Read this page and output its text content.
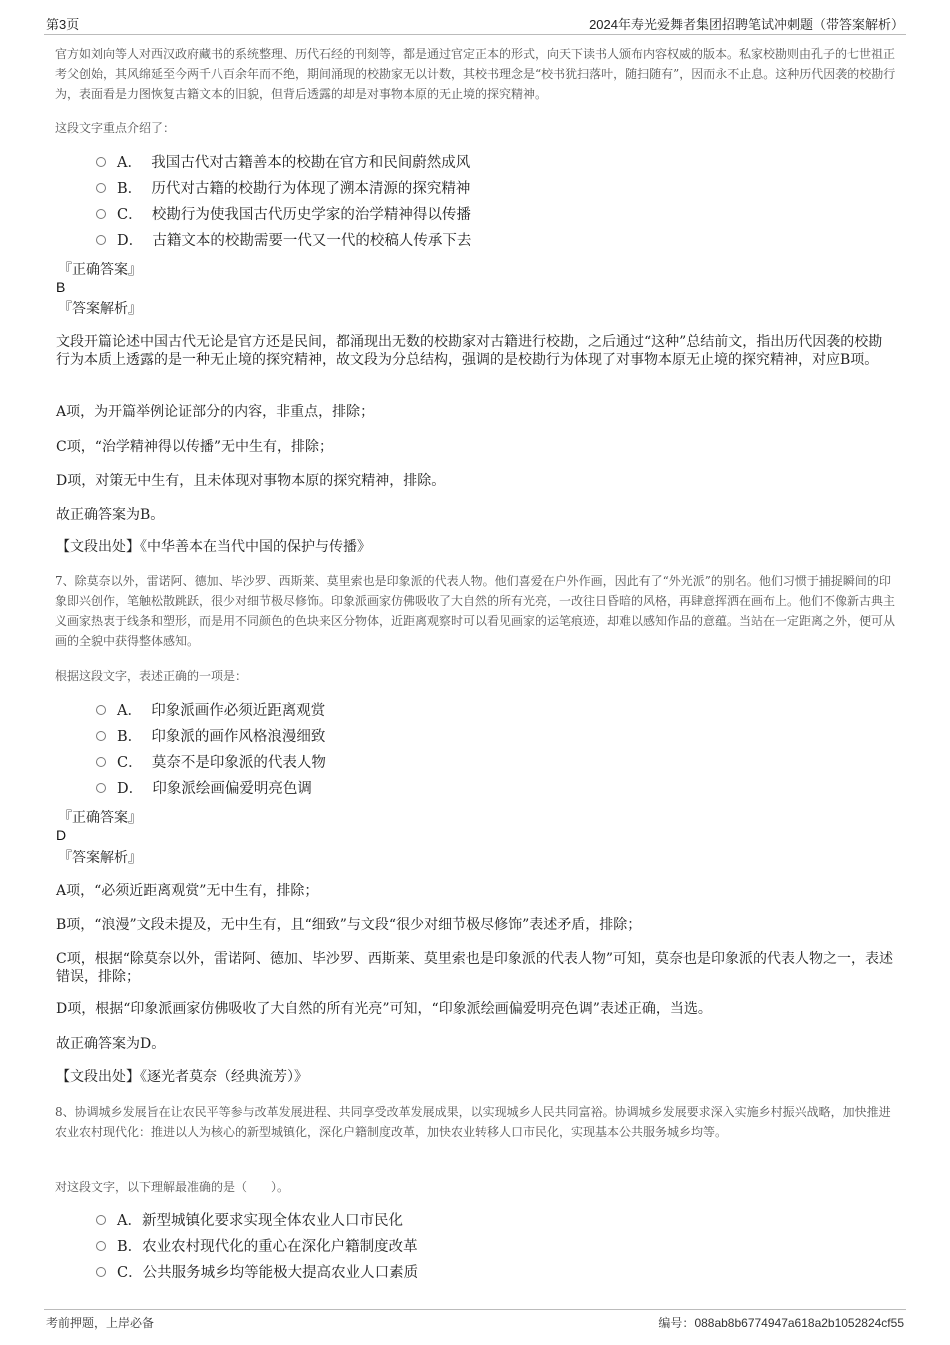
第3页	2024年寿光爱舞者集团招聘笔试冲刺题（带答案解析）
官方如刘向等人对西汉政府藏书的系统整理、历代石经的刊刻等，都是通过官定正本的形式，向天下读书人颁布内容权威的版本。私家校勘则由孔子的七世祖正考父创始，其风绵延至今两千八百余年而不绝，期间涌现的校勘家无以计数，其校书理念是“校书犹扫落叶，随扫随有”，因而永不止息。这种历代因袭的校勘行为，表面看是力图恢复古籍文本的旧貌，但背后透露的却是对事物本原的无止境的探究精神。
这段文字重点介绍了：
A． 我国古代对古籍善本的校勘在官方和民间蔚然成风
B． 历代对古籍的校勘行为体现了溯本清源的探究精神
C． 校勘行为使我国古代历史学家的治学精神得以传播
D． 古籍文本的校勘需要一代又一代的校稿人传承下去
『正确答案』
B
『答案解析』
文段开篇论述中国古代无论是官方还是民间，都涌现出无数的校勘家对古籍进行校勘，之后通过“这种”总结前文，指出历代因袭的校勘行为本质上透露的是一种无止境的探究精神，故文段为分总结构，强调的是校勘行为体现了对事物本原无止境的探究精神，对应B项。
A项，为开篇举例论证部分的内容，非重点，排除；
C项，“治学精神得以传播”无中生有，排除；
D项，对策无中生有，且未体现对事物本原的探究精神，排除。
故正确答案为B。
【文段出处】《中华善本在当代中国的保护与传播》
7、除莫奈以外，雷诺阿、德加、毕沙罗、西斯莱、莫里索也是印象派的代表人物。他们喜爱在户外作画，因此有了“外光派”的别名。他们习惯于捕捉瞬间的印象即兴创作，笔触松散跳跃，很少对细节极尽修饰。印象派画家仿佛吸收了大自然的所有光亮，一改往日昏暗的风格，再肆意挥洒在画布上。他们不像新古典主义画家热衷于线条和塑形，而是用不同颜色的色块来区分物体，近距离观察时可以看见画家的运笔痕迹，却难以感知作品的意蕴。当站在一定距离之外，便可从画的全貌中获得整体感知。
根据这段文字，表述正确的一项是：
A． 印象派画作必须近距离观赏
B． 印象派的画作风格浪漫细致
C． 莫奈不是印象派的代表人物
D． 印象派绘画偏爱明亮色调
『正确答案』
D
『答案解析』
A项，“必须近距离观赏”无中生有，排除；
B项，“浪漫”文段未提及，无中生有，且“细致”与文段“很少对细节极尽修饰”表述矛盾，排除；
C项，根据“除莫奈以外，雷诺阿、德加、毕沙罗、西斯莱、莫里索也是印象派的代表人物”可知，莫奈也是印象派的代表人物之一，表述错误，排除；
D项，根据“印象派画家仿佛吸收了大自然的所有光亮”可知，“印象派绘画偏爱明亮色调”表述正确，当选。
故正确答案为D。
【文段出处】《逐光者莫奈（经典流芳）》
8、协调城乡发展旨在让农民平等参与改革发展进程、共同享受改革发展成果，以实现城乡人民共同富裕。协调城乡发展要求深入实施乡村振兴战略，加快推进农业农村现代化：推进以人为核心的新型城镇化，深化户籍制度改革，加快农业转移人口市民化，实现基本公共服务城乡均等。
对这段文字，以下理解最准确的是（　　）。
A．新型城镇化要求实现全体农业人口市民化
B．农业农村现代化的重心在深化户籍制度改革
C．公共服务城乡均等能极大提高农业人口素质
考前押题，上岸必备	编号：088ab8b6774947a618a2b1052824cf55
